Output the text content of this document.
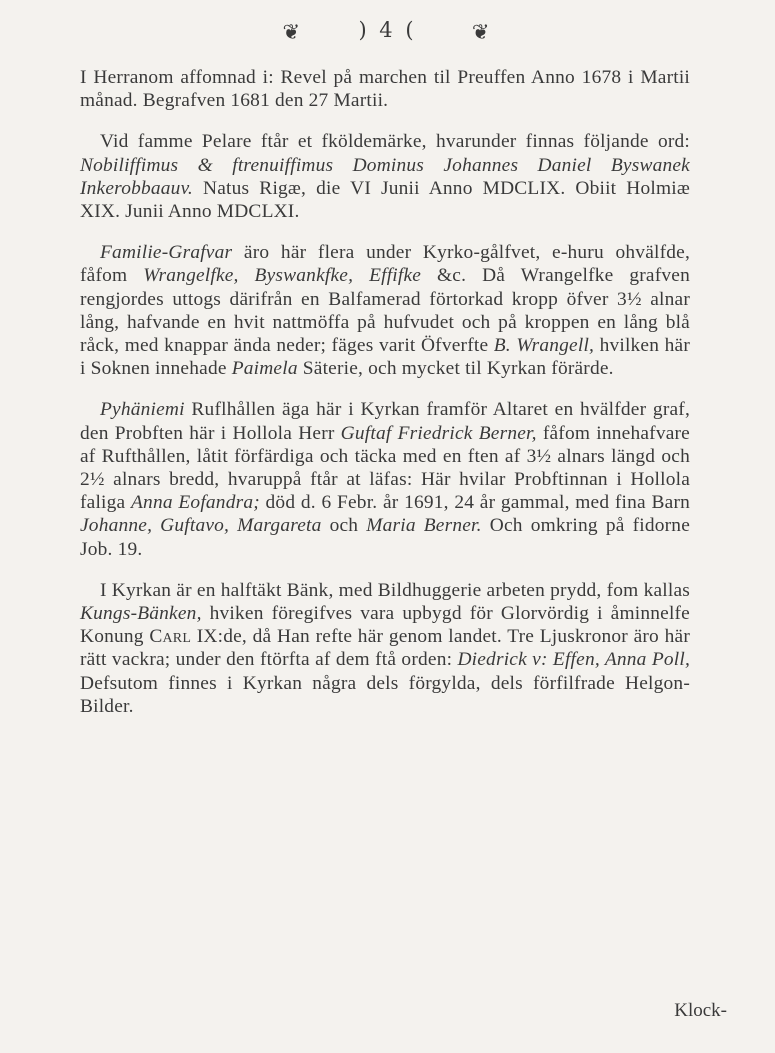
❦	) 4 (	❦

I Herranom affomnad i: Revel på marchen til Preuffen Anno 1678 i Martii månad. Begrafven 1681 den 27 Martii.

Vid famme Pelare ftår et fköldemärke, hvarunder finnas följande ord: Nobiliffimus & ftrenuiffimus Dominus Johannes Daniel Byswanek Inkerobbaauv. Natus Rigæ, die VI Junii Anno MDCLIX. Obiit Holmiæ XIX. Junii Anno MDCLXI.

Familie-Grafvar äro här flera under Kyrko-gålfvet, e-huru ohvälfde, fåfom Wrangelfke, Byswankfke, Effifke &c. Då Wrangelfke grafven rengjordes uttogs därifrån en Balfamerad förtorkad kropp öfver 3½ alnar lång, hafvande en hvit nattmöffa på hufvudet och på kroppen en lång blå råck, med knappar ända neder; fäges varit Öfverfte B. Wrangell, hvilken här i Soknen innehade Paimela Säterie, och mycket til Kyrkan förärde.

Pyhäniemi Ruflhållen äga här i Kyrkan framför Altaret en hvälfder graf, den Probften här i Hollola Herr Guftaf Friedrick Berner, fåfom innehafvare af Rufthållen, låtit förfärdiga och täcka med en ften af 3½ alnars längd och 2½ alnars bredd, hvaruppå ftår at läfas: Här hvilar Probftinnan i Hollola faliga Anna Eofandra; död d. 6 Febr. år 1691, 24 år gammal, med fina Barn Johanne, Guftavo, Margareta och Maria Berner. Och omkring på fidorne Job. 19.

I Kyrkan är en halftäkt Bänk, med Bildhuggerie arbeten prydd, fom kallas Kungs-Bänken, hviken föregifves vara upbygd för Glorvördig i åminnelfe Konung Carl IX:de, då Han refte här genom landet. Tre Ljuskronor äro här rätt vackra; under den ftörfta af dem ftå orden: Diedrick v: Effen, Anna Poll, Defsutom finnes i Kyrkan några dels förgylda, dels förfilfrade Helgon-Bilder.

Klock-
